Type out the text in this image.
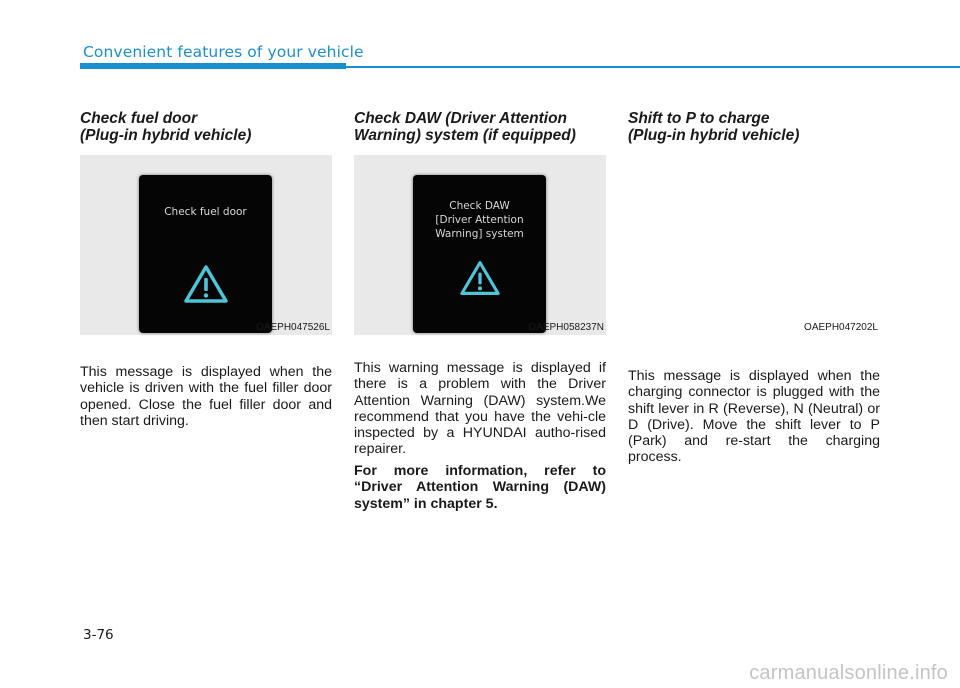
Convenient features of your vehicle

Check fuel door
(Plug-in hybrid vehicle)

Check fuel door
OAEPH047526L

This message is displayed when the vehicle is driven with the fuel filler door opened. Close the fuel filler door and then start driving.

Check DAW (Driver Attention
Warning) system (if equipped)

Check DAW
[Driver Attention
Warning] system
OAEPH058237N

This warning message is displayed if there is a problem with the Driver Attention Warning (DAW) system.We recommend that you have the vehi-cle inspected by a HYUNDAI autho-rised repairer.

For more information, refer to “Driver Attention Warning (DAW) system” in chapter 5.

Shift to P to charge
(Plug-in hybrid vehicle)

OAEPH047202L

This message is displayed when the charging connector is plugged with the shift lever in R (Reverse), N (Neutral) or D (Drive). Move the shift lever to P (Park) and re-start the charging process.

3-76
carmanualsonline.info
